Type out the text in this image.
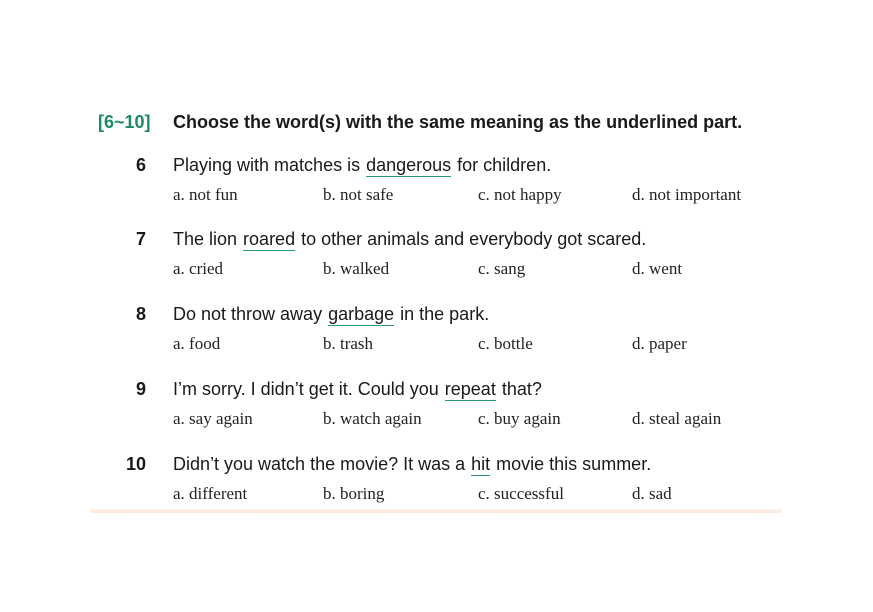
[6~10]	Choose the word(s) with the same meaning as the underlined part.
6 Playing with matches is dangerous for children.
a. not fun	b. not safe	c. not happy	d. not important
7 The lion roared to other animals and everybody got scared.
a. cried	b. walked	c. sang	d. went
8 Do not throw away garbage in the park.
a. food	b. trash	c. bottle	d. paper
9 I’m sorry. I didn’t get it. Could you repeat that?
a. say again	b. watch again	c. buy again	d. steal again
10 Didn’t you watch the movie? It was a hit movie this summer.
a. different	b. boring	c. successful	d. sad
